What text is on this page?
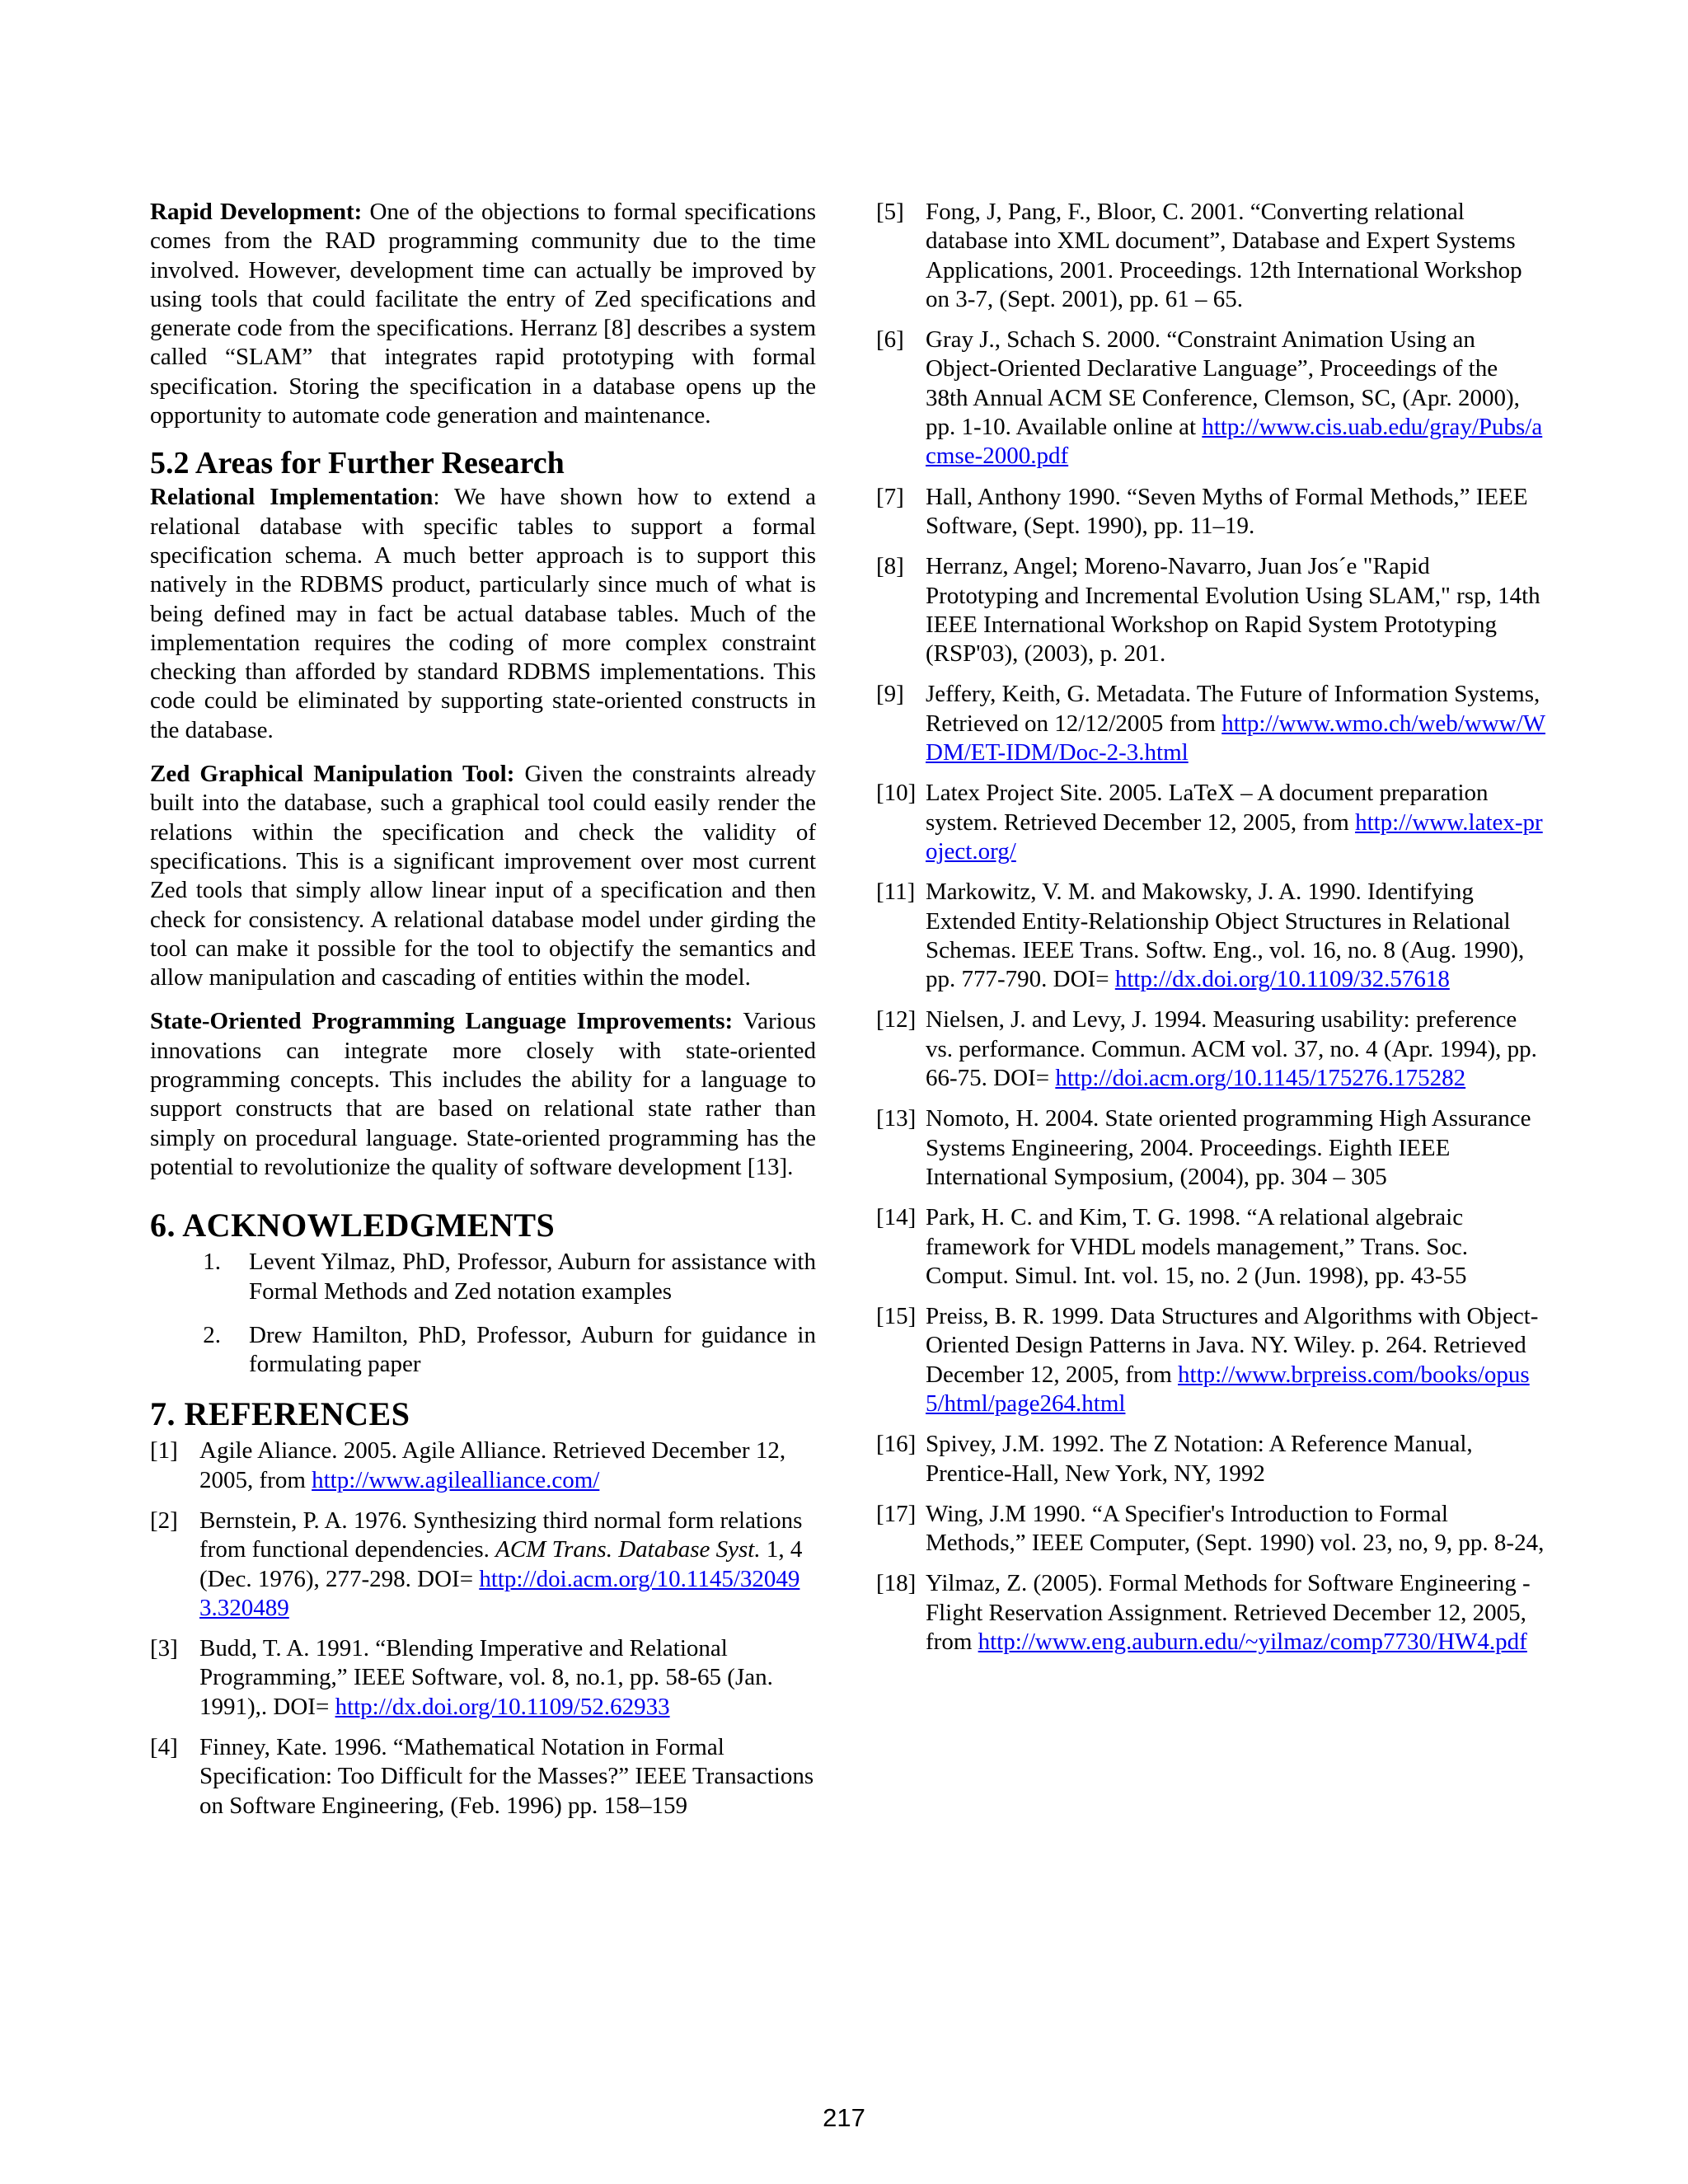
Rapid Development: One of the objections to formal specifications comes from the RAD programming community due to the time involved. However, development time can actually be improved by using tools that could facilitate the entry of Zed specifications and generate code from the specifications. Herranz [8] describes a system called “SLAM” that integrates rapid prototyping with formal specification. Storing the specification in a database opens up the opportunity to automate code generation and maintenance.

5.2 Areas for Further Research

Relational Implementation: We have shown how to extend a relational database with specific tables to support a formal specification schema. A much better approach is to support this natively in the RDBMS product, particularly since much of what is being defined may in fact be actual database tables. Much of the implementation requires the coding of more complex constraint checking than afforded by standard RDBMS implementations. This code could be eliminated by supporting state-oriented constructs in the database.

Zed Graphical Manipulation Tool: Given the constraints already built into the database, such a graphical tool could easily render the relations within the specification and check the validity of specifications. This is a significant improvement over most current Zed tools that simply allow linear input of a specification and then check for consistency. A relational database model under girding the tool can make it possible for the tool to objectify the semantics and allow manipulation and cascading of entities within the model.

State-Oriented Programming Language Improvements: Various innovations can integrate more closely with state-oriented programming concepts. This includes the ability for a language to support constructs that are based on relational state rather than simply on procedural language. State-oriented programming has the potential to revolutionize the quality of software development [13].

6. ACKNOWLEDGMENTS
1.	Levent Yilmaz, PhD, Professor, Auburn for assistance with Formal Methods and Zed notation examples
2.	Drew Hamilton, PhD, Professor, Auburn for guidance in formulating paper
7. REFERENCES
[1] Agile Aliance. 2005. Agile Alliance. Retrieved December 12, 2005, from http://www.agilealliance.com/
[2] Bernstein, P. A. 1976. Synthesizing third normal form relations from functional dependencies. ACM Trans. Database Syst. 1, 4 (Dec. 1976), 277-298. DOI= http://doi.acm.org/10.1145/320493.320489
[3] Budd, T. A. 1991. “Blending Imperative and Relational Programming,” IEEE Software, vol. 8, no.1, pp. 58-65 (Jan. 1991),. DOI= http://dx.doi.org/10.1109/52.62933
[4] Finney, Kate. 1996. “Mathematical Notation in Formal Specification: Too Difficult for the Masses?” IEEE Transactions on Software Engineering, (Feb. 1996) pp. 158–159
[5] Fong, J, Pang, F., Bloor, C. 2001. “Converting relational database into XML document”, Database and Expert Systems Applications, 2001. Proceedings. 12th International Workshop on 3-7, (Sept. 2001), pp. 61 – 65.
[6] Gray J., Schach S. 2000. “Constraint Animation Using an Object-Oriented Declarative Language”, Proceedings of the 38th Annual ACM SE Conference, Clemson, SC, (Apr. 2000), pp. 1-10. Available online at http://www.cis.uab.edu/gray/Pubs/acmse-2000.pdf
[7] Hall, Anthony 1990. “Seven Myths of Formal Methods,” IEEE Software, (Sept. 1990), pp. 11–19.
[8] Herranz, Angel; Moreno-Navarro, Juan Jos´e "Rapid Prototyping and Incremental Evolution Using SLAM," rsp, 14th IEEE International Workshop on Rapid System Prototyping (RSP'03), (2003), p. 201.
[9] Jeffery, Keith, G. Metadata. The Future of Information Systems, Retrieved on 12/12/2005 from http://www.wmo.ch/web/www/WDM/ET-IDM/Doc-2-3.html
[10] Latex Project Site. 2005. LaTeX – A document preparation system. Retrieved December 12, 2005, from http://www.latex-project.org/
[11] Markowitz, V. M. and Makowsky, J. A. 1990. Identifying Extended Entity-Relationship Object Structures in Relational Schemas. IEEE Trans. Softw. Eng., vol. 16, no. 8 (Aug. 1990), pp. 777-790. DOI= http://dx.doi.org/10.1109/32.57618
[12] Nielsen, J. and Levy, J. 1994. Measuring usability: preference vs. performance. Commun. ACM vol. 37, no. 4 (Apr. 1994), pp. 66-75. DOI= http://doi.acm.org/10.1145/175276.175282
[13] Nomoto, H. 2004. State oriented programming High Assurance Systems Engineering, 2004. Proceedings. Eighth IEEE International Symposium, (2004), pp. 304 – 305
[14] Park, H. C. and Kim, T. G. 1998. “A relational algebraic framework for VHDL models management,” Trans. Soc. Comput. Simul. Int. vol. 15, no. 2 (Jun. 1998), pp. 43-55
[15] Preiss, B. R. 1999. Data Structures and Algorithms with Object-Oriented Design Patterns in Java. NY. Wiley. p. 264. Retrieved December 12, 2005, from http://www.brpreiss.com/books/opus5/html/page264.html
[16] Spivey, J.M. 1992. The Z Notation: A Reference Manual, Prentice-Hall, New York, NY, 1992
[17] Wing, J.M 1990. “A Specifier's Introduction to Formal Methods,” IEEE Computer, (Sept. 1990) vol. 23, no, 9, pp. 8-24,
[18] Yilmaz, Z. (2005). Formal Methods for Software Engineering - Flight Reservation Assignment. Retrieved December 12, 2005, from http://www.eng.auburn.edu/~yilmaz/comp7730/HW4.pdf
217
